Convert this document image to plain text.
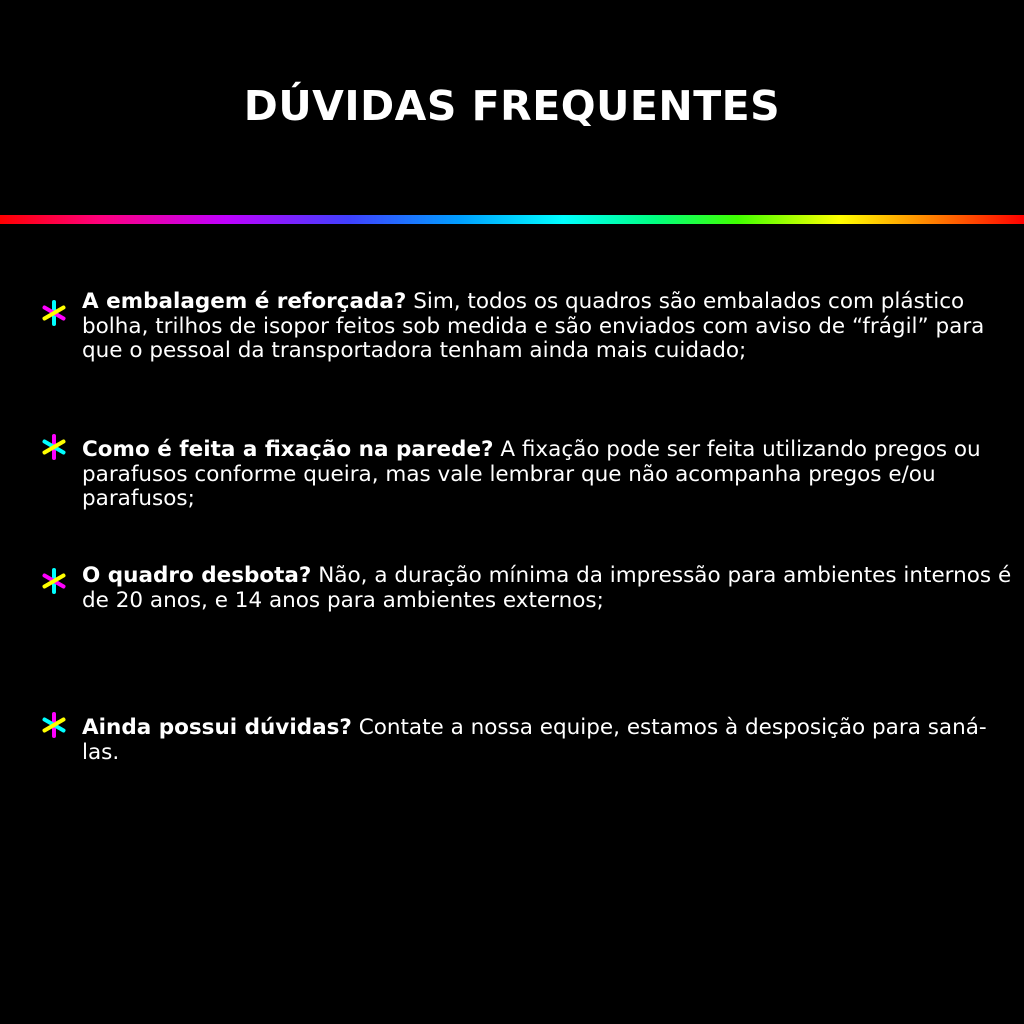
DÚVIDAS FREQUENTES

A embalagem é reforçada? Sim, todos os quadros são embalados com plástico bolha, trilhos de isopor feitos sob medida e são enviados com aviso de “frágil” para que o pessoal da transportadora tenham ainda mais cuidado;

Como é feita a fixação na parede? A fixação pode ser feita utilizando pregos ou parafusos conforme queira, mas vale lembrar que não acompanha pregos e/ou parafusos;

O quadro desbota? Não, a duração mínima da impressão para ambientes internos é de 20 anos, e 14 anos para ambientes externos;

Ainda possui dúvidas? Contate a nossa equipe, estamos à desposição para saná-las.
